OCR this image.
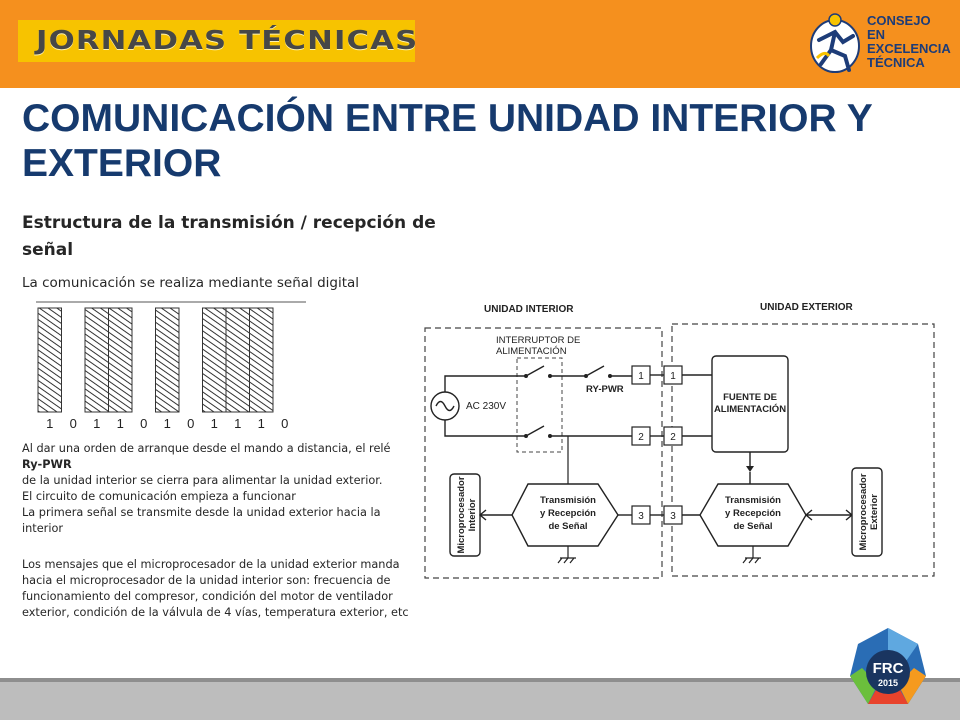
JORNADAS TÉCNICAS
CONSEJO EN
EXCELENCIA
TÉCNICA
COMUNICACIÓN ENTRE UNIDAD INTERIOR Y EXTERIOR
Estructura de la transmisión / recepción de señal
La comunicación se realiza mediante señal digital
1 0 1 1 0 1 0 1 1 1 0
Al dar una orden de arranque desde el mando a distancia, el relé
Ry-PWR
de la unidad interior se cierra para alimentar la unidad exterior.
El circuito de comunicación empieza a funcionar
La primera señal se transmite desde la unidad exterior hacia la interior
Los mensajes que el microprocesador de la unidad exterior manda hacia el microprocesador de la unidad interior son: frecuencia de funcionamiento del compresor, condición del motor de ventilador exterior, condición de la válvula de 4 vías, temperatura exterior, etc
UNIDAD INTERIOR	UNIDAD EXTERIOR
INTERRUPTOR DE
ALIMENTACIÓN
AC 230V
RY-PWR
1	1
2	2
FUENTE DE
ALIMENTACIÓN
Microprocesador Interior	Transmisión
y Recepción
de Señal
3	3
Transmisión
y Recepción
de Señal	Microprocesador Exterior
FRC
2015
